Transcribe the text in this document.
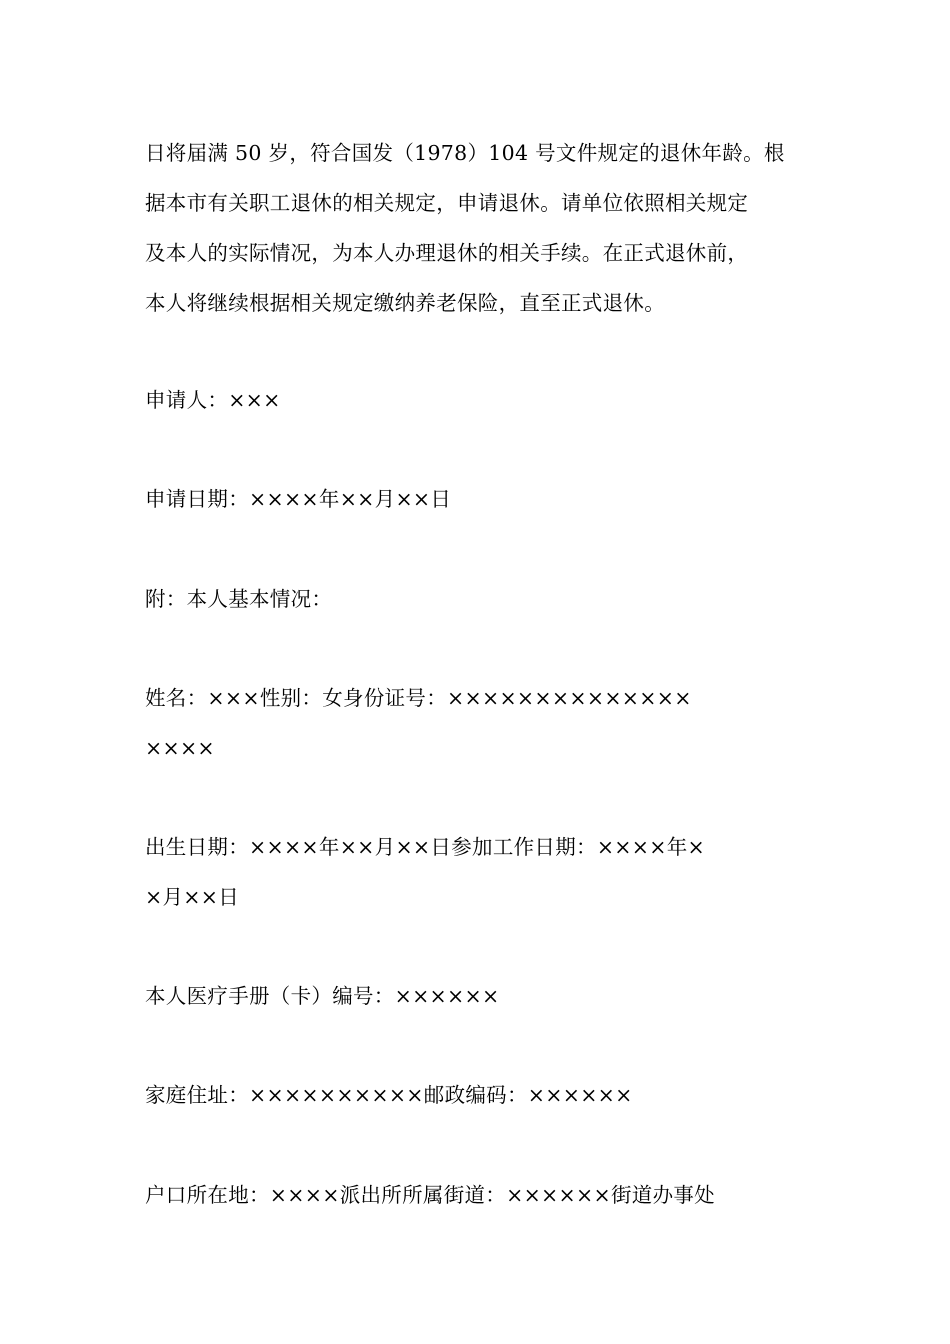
日将届满 50 岁，符合国发（1978）104 号文件规定的退休年龄。根
据本市有关职工退休的相关规定，申请退休。请单位依照相关规定
及本人的实际情况，为本人办理退休的相关手续。在正式退休前，
本人将继续根据相关规定缴纳养老保险，直至正式退休。
申请人：×××
申请日期：××××年××月××日
附：本人基本情况：
姓名：×××性别：女身份证号：××××××××××××××
××××
出生日期：××××年××月××日参加工作日期：××××年×
×月××日
本人医疗手册（卡）编号：××××××
家庭住址：××××××××××邮政编码：××××××
户口所在地：××××派出所所属街道：××××××街道办事处
